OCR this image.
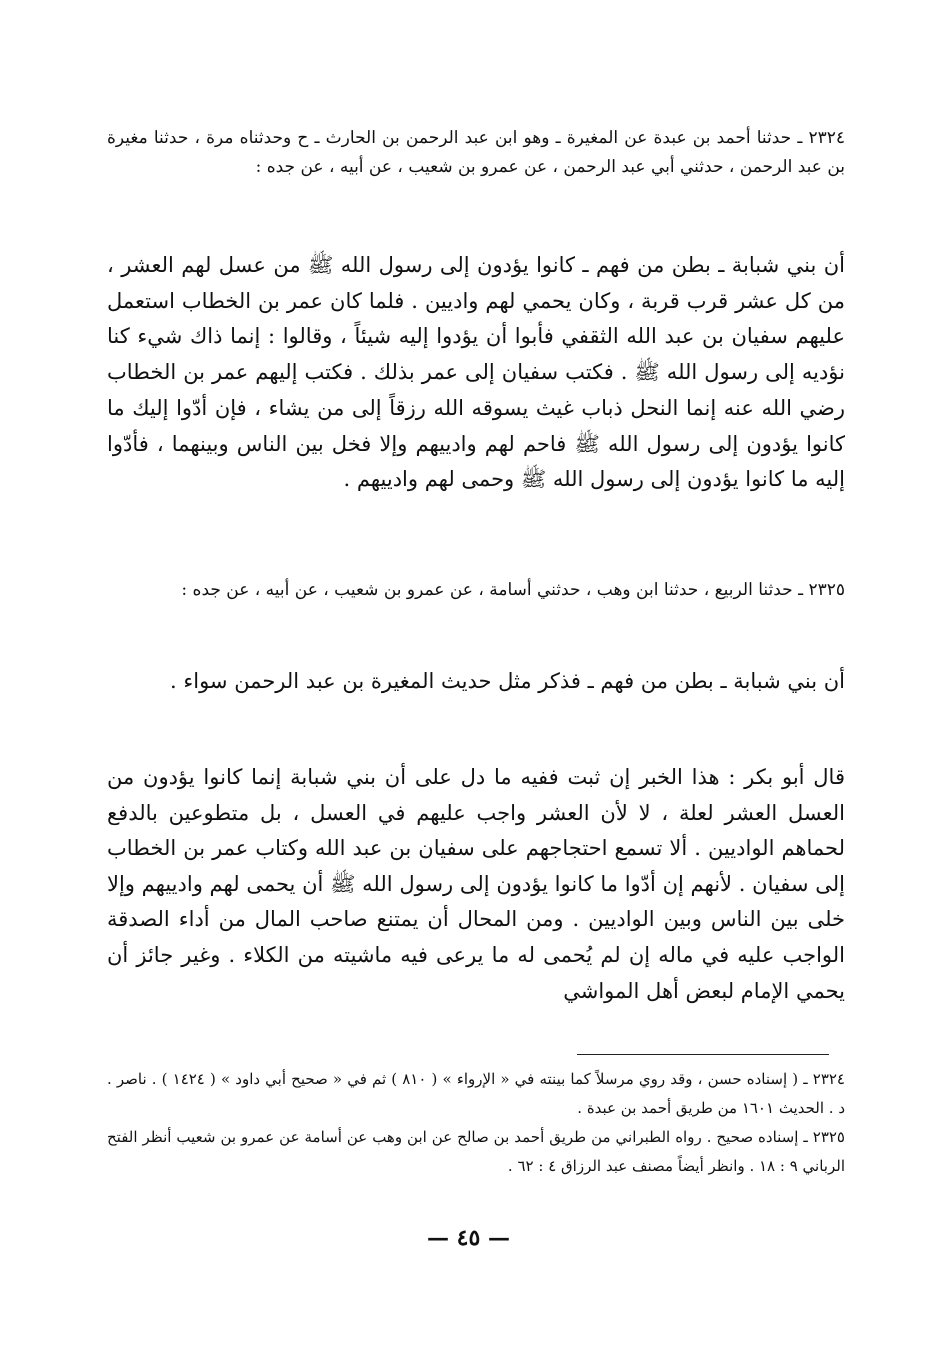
٢٣٢٤ ـ حدثنا أحمد بن عبدة عن المغيرة ـ وهو ابن عبد الرحمن بن الحارث ـ ح وحدثناه مرة ، حدثنا مغيرة بن عبد الرحمن ، حدثني أبي عبد الرحمن ، عن عمرو بن شعيب ، عن أبيه ، عن جده :

أن بني شبابة ـ بطن من فهم ـ كانوا يؤدون إلى رسول الله ﷺ من عسل لهم العشر ، من كل عشر قرب قربة ، وكان يحمي لهم واديين . فلما كان عمر بن الخطاب استعمل عليهم سفيان بن عبد الله الثقفي فأبوا أن يؤدوا إليه شيئاً ، وقالوا : إنما ذاك شيء كنا نؤديه إلى رسول الله ﷺ . فكتب سفيان إلى عمر بذلك . فكتب إليهم عمر بن الخطاب رضي الله عنه إنما النحل ذباب غيث يسوقه الله رزقاً إلى من يشاء ، فإن أدّوا إليك ما كانوا يؤدون إلى رسول الله ﷺ فاحم لهم وادييهم وإلا فخل بين الناس وبينهما ، فأدّوا إليه ما كانوا يؤدون إلى رسول الله ﷺ وحمى لهم وادييهم .

٢٣٢٥ ـ حدثنا الربيع ، حدثنا ابن وهب ، حدثني أسامة ، عن عمرو بن شعيب ، عن أبيه ، عن جده :

أن بني شبابة ـ بطن من فهم ـ فذكر مثل حديث المغيرة بن عبد الرحمن سواء .

قال أبو بكر : هذا الخبر إن ثبت ففيه ما دل على أن بني شبابة إنما كانوا يؤدون من العسل العشر لعلة ، لا لأن العشر واجب عليهم في العسل ، بل متطوعين بالدفع لحماهم الواديين . ألا تسمع احتجاجهم على سفيان بن عبد الله وكتاب عمر بن الخطاب إلى سفيان . لأنهم إن أدّوا ما كانوا يؤدون إلى رسول الله ﷺ أن يحمى لهم وادييهم وإلا خلى بين الناس وبين الواديين . ومن المحال أن يمتنع صاحب المال من أداء الصدقة الواجب عليه في ماله إن لم يُحمى له ما يرعى فيه ماشيته من الكلاء . وغير جائز أن يحمي الإمام لبعض أهل المواشي

٢٣٢٤ ـ ( إسناده حسن ، وقد روي مرسلاً كما بينته في « الإرواء » ( ٨١٠ ) ثم في « صحيح أبي داود » ( ١٤٢٤ ) . ناصر . د . الحديث ١٦٠١ من طريق أحمد بن عبدة .

٢٣٢٥ ـ إسناده صحيح . رواه الطبراني من طريق أحمد بن صالح عن ابن وهب عن أسامة عن عمرو بن شعيب أنظر الفتح الرباني ٩ : ١٨ . وانظر أيضاً مصنف عبد الرزاق ٤ : ٦٢ .

— ٤٥ —
